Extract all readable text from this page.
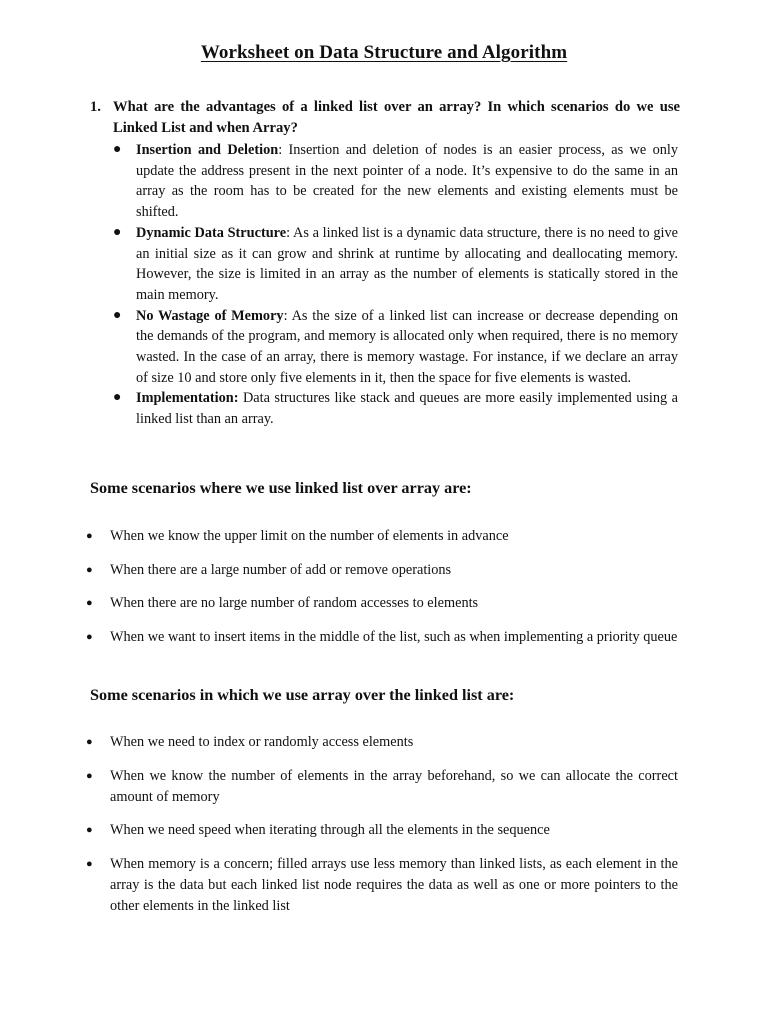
Worksheet on Data Structure and Algorithm
1. What are the advantages of a linked list over an array? In which scenarios do we use Linked List and when Array?
● Insertion and Deletion: Insertion and deletion of nodes is an easier process, as we only update the address present in the next pointer of a node. It’s expensive to do the same in an array as the room has to be created for the new elements and existing elements must be shifted.
● Dynamic Data Structure: As a linked list is a dynamic data structure, there is no need to give an initial size as it can grow and shrink at runtime by allocating and deallocating memory. However, the size is limited in an array as the number of elements is statically stored in the main memory.
● No Wastage of Memory: As the size of a linked list can increase or decrease depending on the demands of the program, and memory is allocated only when required, there is no memory wasted. In the case of an array, there is memory wastage. For instance, if we declare an array of size 10 and store only five elements in it, then the space for five elements is wasted.
● Implementation: Data structures like stack and queues are more easily implemented using a linked list than an array.
Some scenarios where we use linked list over array are:
● When we know the upper limit on the number of elements in advance
● When there are a large number of add or remove operations
● When there are no large number of random accesses to elements
● When we want to insert items in the middle of the list, such as when implementing a priority queue
Some scenarios in which we use array over the linked list are:
● When we need to index or randomly access elements
● When we know the number of elements in the array beforehand, so we can allocate the correct amount of memory
● When we need speed when iterating through all the elements in the sequence
● When memory is a concern; filled arrays use less memory than linked lists, as each element in the array is the data but each linked list node requires the data as well as one or more pointers to the other elements in the linked list
